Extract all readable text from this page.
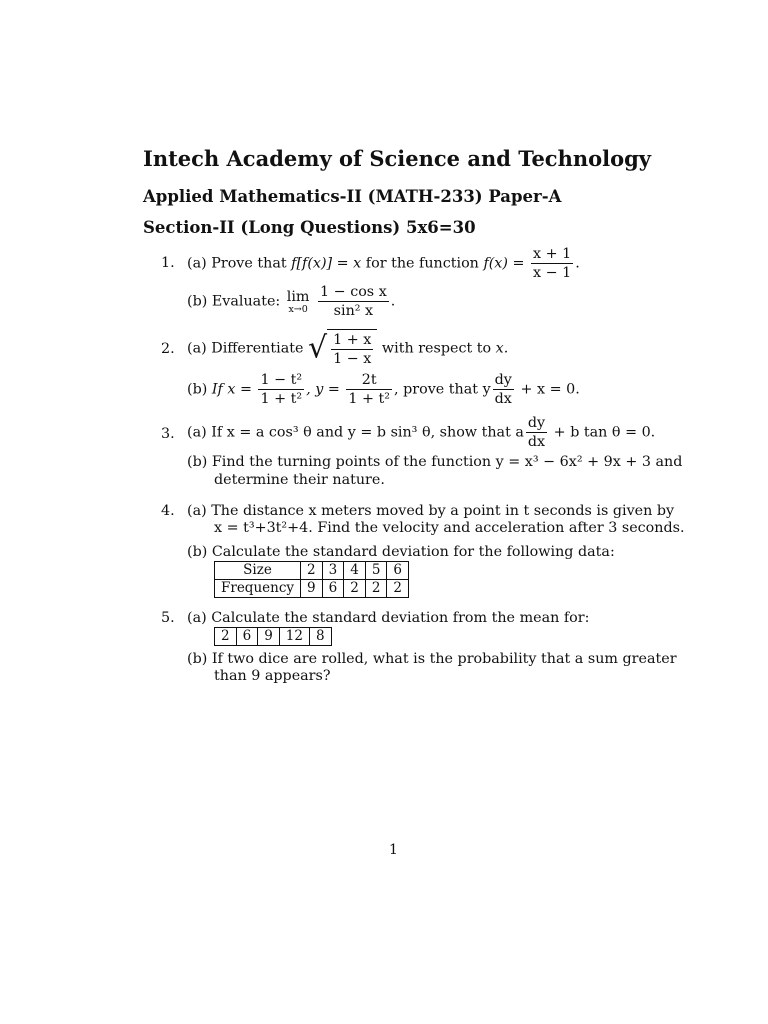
Intech Academy of Science and Technology
Applied Mathematics-II (MATH-233) Paper-A
Section-II (Long Questions) 5x6=30
1. (a) Prove that f[f(x)] = x for the function $f(x) = \frac{x + 1}{x - 1}$ .
(b) Evaluate: lim
x→0
$\frac{\text{1 − cos x}}{\text{sin² x}}$ .
2. (a) Differentiate √ $\frac{1 + x}{1 - x}$ with respect to x.
(b) If $x = \frac{\text{1 − t²}}{\text{1 + t²}}$ , $y = \frac{2t}{\text{1 + t²}}$ , prove that y $\frac{dy}{dx} + x = 0$.
3. (a) If x = a cos³ θ and y = b sin³ θ, show that a $\frac{dy}{dx} + b$ tan θ = 0.
(b) Find the turning points of the function y = x³ − 6x² + 9x + 3 and
determine their nature.
4. (a) The distance x meters moved by a point in t seconds is given by
x = t³+3t²+4. Find the velocity and acceleration after 3 seconds.
(b) Calculate the standard deviation for the following data:
Size	2	3	4	5	6
Frequency	9	6	2	2	2
5. (a) Calculate the standard deviation from the mean for:
2	6	9	12	8
(b) If two dice are rolled, what is the probability that a sum greater
than 9 appears?
1
